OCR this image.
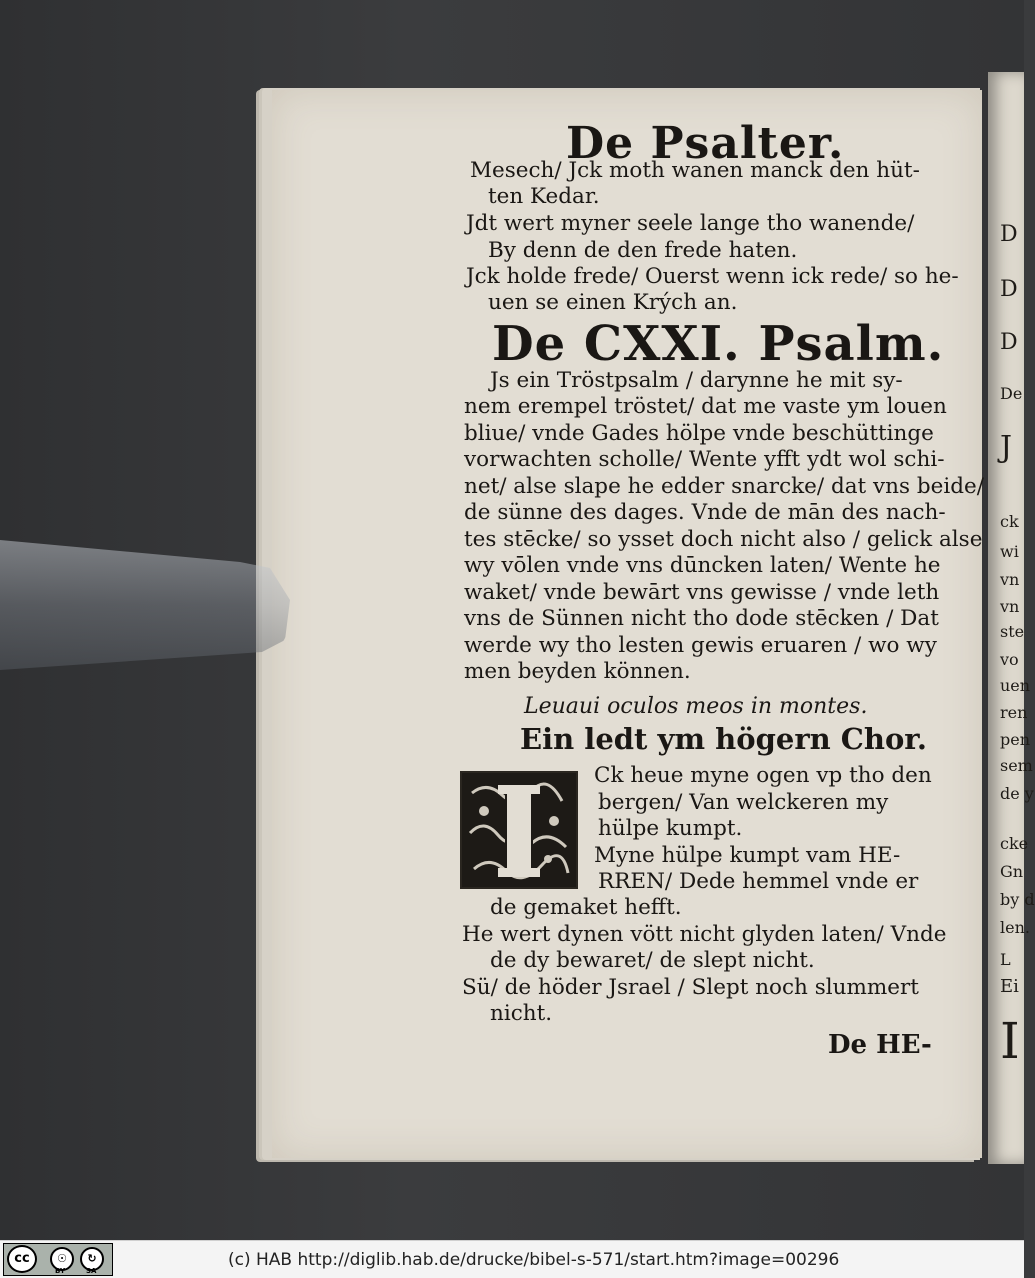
D
D
D
De
J
ck
wi
vn
vn
ste
vo
uen
ren
pen
sem
de y
cke
Gn
by d
len.
L
Ei
I
De Psalter.
Mesech/ Jck moth wanen manck den hüt-
ten Kedar.
Jdt wert myner seele lange tho wanende/
By denn de den frede haten.
Jck holde frede/ Ouerst wenn ick rede/ so he-
uen se einen Krých an.
De CXXI. Psalm.
Js ein Tröstpsalm / darynne he mit sy-
nem erempel tröstet/ dat me vaste ym louen
bliue/ vnde Gades hölpe vnde beschüttinge
vorwachten scholle/ Wente yfft ydt wol schi-
net/ alse slape he edder snarcke/ dat vns beide/
de sünne des dages. Vnde de mān des nach-
tes stēcke/ so ysset doch nicht also / gelick alse
wy vōlen vnde vns dūncken laten/ Wente he
waket/ vnde bewārt vns gewisse / vnde leth
vns de Sünnen nicht tho dode stēcken / Dat
werde wy tho lesten gewis eruaren / wo wy
men beyden können.
Leuaui oculos meos in montes.
Ein ledt ym högern Chor.
Ck heue myne ogen vp tho den
bergen/ Van welckeren my
hülpe kumpt.
Myne hülpe kumpt vam HE-
RREN/ Dede hemmel vnde er
de gemaket hefft.
He wert dynen vött nicht glyden laten/ Vnde
de dy bewaret/ de slept nicht.
Sü/ de höder Jsrael / Slept noch slummert
nicht.
De HE-
cc	☉	↻
BY	SA
(c) HAB http://diglib.hab.de/drucke/bibel-s-571/start.htm?image=00296
